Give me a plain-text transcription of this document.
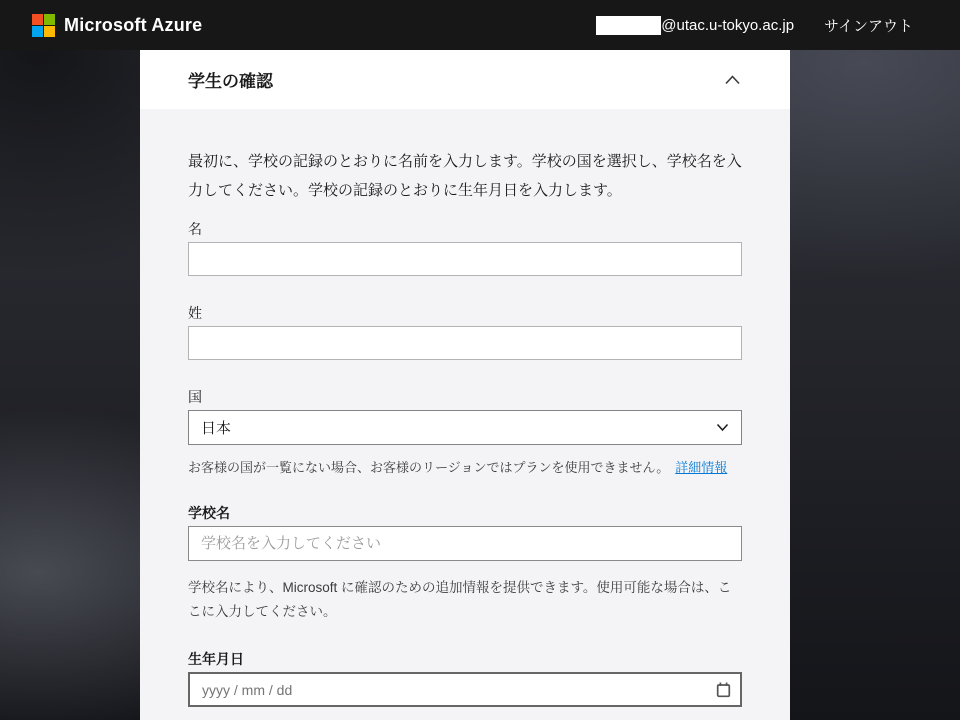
Microsoft Azure	@utac.u-tokyo.ac.jp サインアウト
学生の確認

最初に、学校の記録のとおりに名前を入力します。学校の国を選択し、学校名を入力してください。学校の記録のとおりに生年月日を入力します。

名
姓
国
日本

お客様の国が一覧にない場合、お客様のリージョンではプランを使用できません。 詳細情報

学校名
学校名を入力してください

学校名により、Microsoft に確認のための追加情報を提供できます。使用可能な場合は、ここに入力してください。

生年月日
yyyy / mm / dd
